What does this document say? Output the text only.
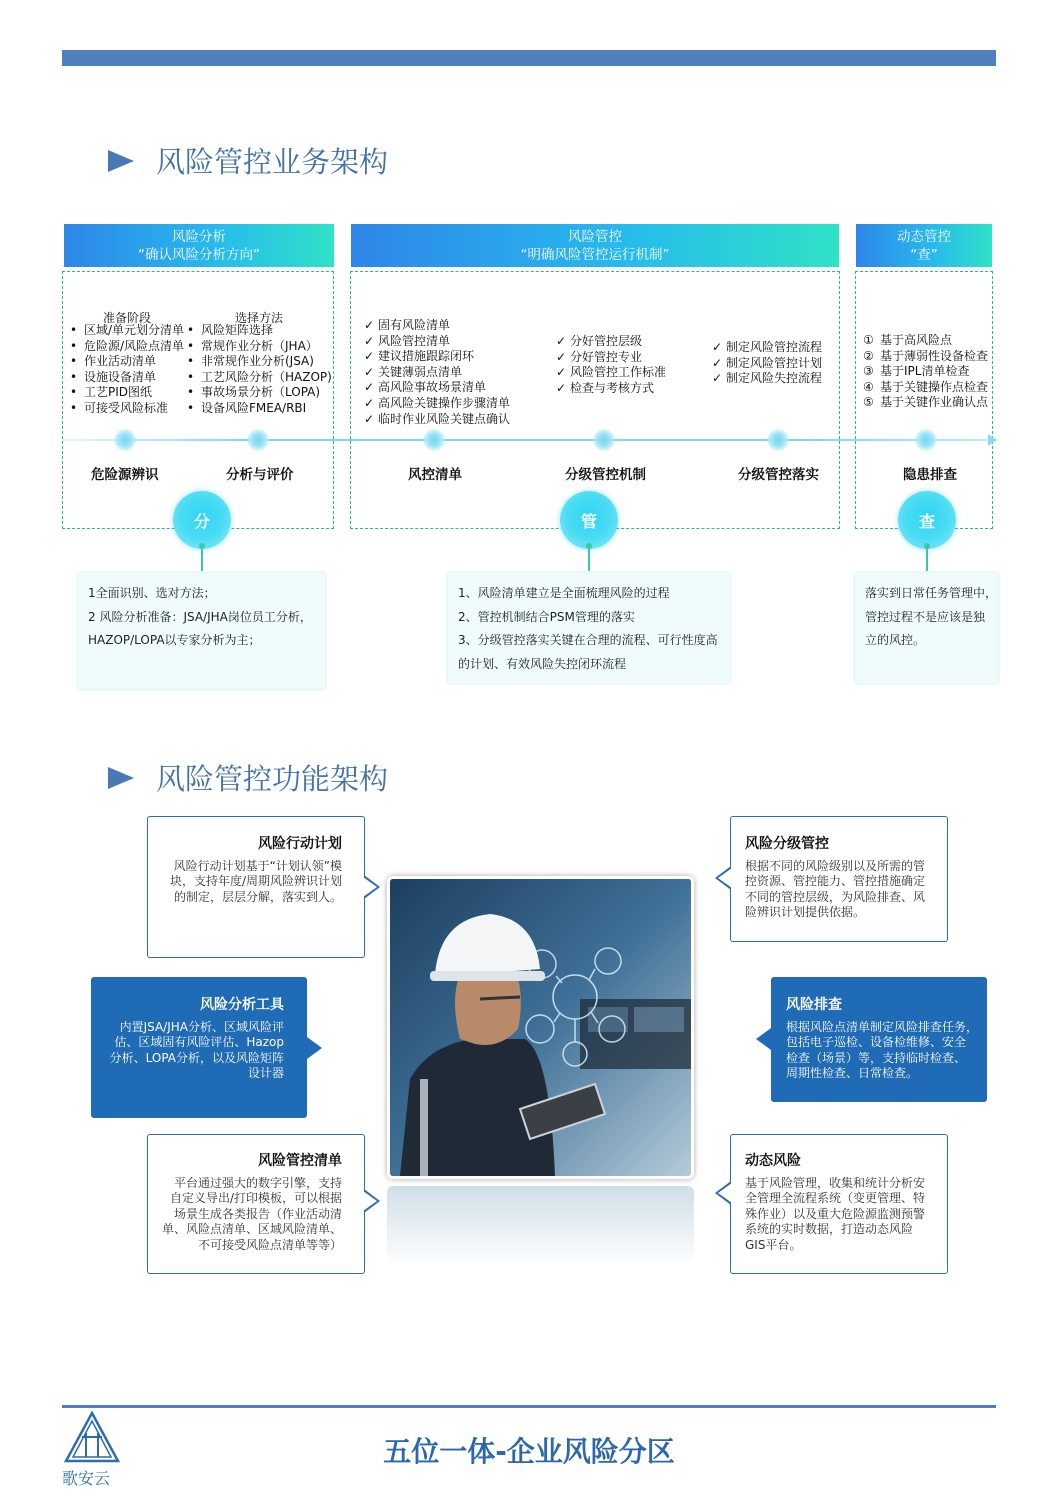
风险管控业务架构
风险分析
“确认风险分析方向”
风险管控
“明确风险管控运行机制”
动态管控
“查”
准备阶段	选择方法
• 区域/单元划分清单
• 危险源/风险点清单
• 作业活动清单
• 设施设备清单
• 工艺PID图纸
• 可接受风险标准
• 风险矩阵选择
• 常规作业分析（JHA）
• 非常规作业分析(JSA)
• 工艺风险分析（HAZOP)
• 事故场景分析（LOPA)
• 设备风险FMEA/RBI
✓ 固有风险清单
✓ 风险管控清单
✓ 建议措施跟踪闭环
✓ 关键薄弱点清单
✓ 高风险事故场景清单
✓ 高风险关键操作步骤清单
✓ 临时作业风险关键点确认
✓ 分好管控层级
✓ 分好管控专业
✓ 风险管控工作标准
✓ 检查与考核方式
✓ 制定风险管控流程
✓ 制定风险管控计划
✓ 制定风险失控流程
① 基于高风险点
② 基于薄弱性设备检查
③ 基于IPL清单检查
④ 基于关键操作点检查
⑤ 基于关键作业确认点
危险源辨识	分析与评价	风控清单	分级管控机制	分级管控落实	隐患排查
分	管	查
1全面识别、选对方法；
2 风险分析准备：JSA/JHA岗位员工分析，
HAZOP/LOPA以专家分析为主；
1、风险清单建立是全面梳理风险的过程
2、管控机制结合PSM管理的落实
3、分级管控落实关键在合理的流程、可行性度高
的计划、有效风险失控闭环流程
落实到日常任务管理中，
管控过程不是应该是独
立的风控。
风险管控功能架构
风险行动计划
风险行动计划基于“计划认领”模
块，支持年度/周期风险辨识计划
的制定，层层分解，落实到人。
风险分析工具
内置JSA/JHA分析、区域风险评
估、区域固有风险评估、Hazop
分析、LOPA分析，以及风险矩阵
设计器
风险管控清单
平台通过强大的数字引擎，支持
自定义导出/打印模板，可以根据
场景生成各类报告（作业活动清
单、风险点清单、区域风险清单、
不可接受风险点清单等等）
风险分级管控
根据不同的风险级别以及所需的管
控资源、管控能力、管控措施确定
不同的管控层级，为风险排查、风
险辨识计划提供依据。
风险排查
根据风险点清单制定风险排查任务，
包括电子巡检、设备检维修、安全
检查（场景）等，支持临时检查、
周期性检查、日常检查。
动态风险
基于风险管理，收集和统计分析安
全管理全流程系统（变更管理、特
殊作业）以及重大危险源监测预警
系统的实时数据，打造动态风险
GIS平台。
歌安云
五位一体-企业风险分区
